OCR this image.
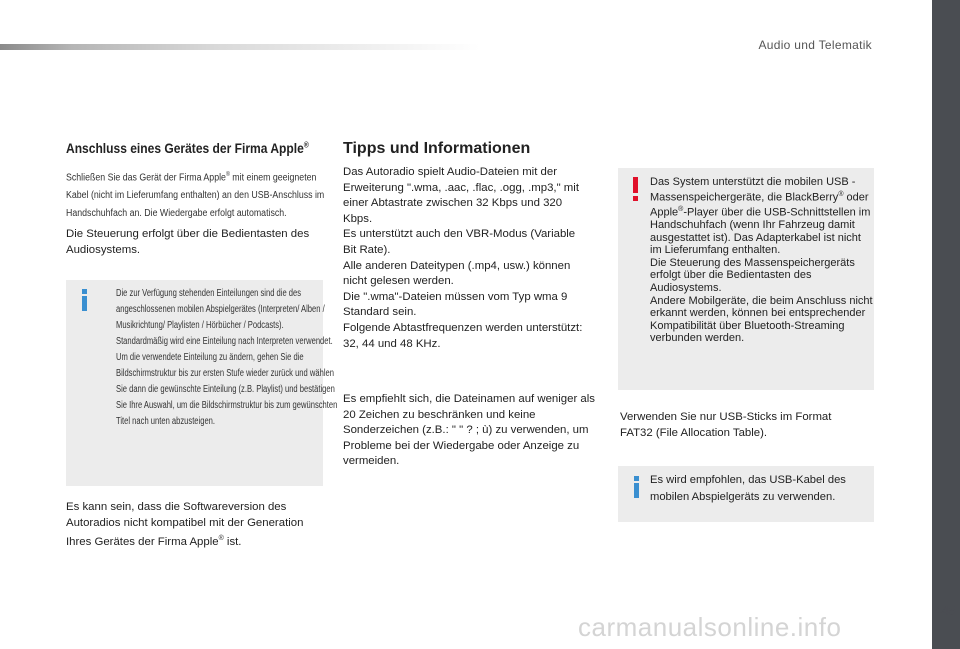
Audio und Telematik
445
Anschluss eines Gerätes der Firma Apple®
Schließen Sie das Gerät der Firma Apple® mit einem geeigneten Kabel (nicht im Lieferumfang enthalten) an den USB-Anschluss im Handschuhfach an. Die Wiedergabe erfolgt automatisch.
Die Steuerung erfolgt über die Bedientasten des Audiosystems.
Die zur Verfügung stehenden Einteilungen sind die des angeschlossenen mobilen Abspielgerätes (Interpreten/ Alben / Musikrichtung/ Playlisten / Hörbücher / Podcasts).
Standardmäßig wird eine Einteilung nach Interpreten verwendet. Um die verwendete Einteilung zu ändern, gehen Sie die Bildschirmstruktur bis zur ersten Stufe wieder zurück und wählen Sie dann die gewünschte Einteilung (z.B. Playlist) und bestätigen Sie Ihre Auswahl, um die Bildschirmstruktur bis zum gewünschten Titel nach unten abzusteigen.
Es kann sein, dass die Softwareversion des Autoradios nicht kompatibel mit der Generation Ihres Gerätes der Firma Apple® ist.
Tipps und Informationen
Das Autoradio spielt Audio-Dateien mit der Erweiterung ".wma, .aac, .flac, .ogg, .mp3," mit einer Abtastrate zwischen 32 Kbps und 320 Kbps.
Es unterstützt auch den VBR-Modus (Variable Bit Rate).
Alle anderen Dateitypen (.mp4, usw.) können nicht gelesen werden.
Die ".wma"-Dateien müssen vom Typ wma 9 Standard sein.
Folgende Abtastfrequenzen werden unterstützt: 32, 44 und 48 KHz.
Es empfiehlt sich, die Dateinamen auf weniger als 20 Zeichen zu beschränken und keine Sonderzeichen (z.B.: " " ? ; ù) zu verwenden, um Probleme bei der Wiedergabe oder Anzeige zu vermeiden.
Das System unterstützt die mobilen USB -Massenspeichergeräte, die BlackBerry® oder Apple®-Player über die USB-Schnittstellen im Handschuhfach (wenn Ihr Fahrzeug damit ausgestattet ist). Das Adapterkabel ist nicht im Lieferumfang enthalten.
Die Steuerung des Massenspeichergeräts erfolgt über die Bedientasten des Audiosystems.
Andere Mobilgeräte, die beim Anschluss nicht erkannt werden, können bei entsprechender Kompatibilität über Bluetooth-Streaming verbunden werden.
Verwenden Sie nur USB-Sticks im Format FAT32 (File Allocation Table).
Es wird empfohlen, das USB-Kabel des mobilen Abspielgeräts zu verwenden.
carmanualsonline.info
